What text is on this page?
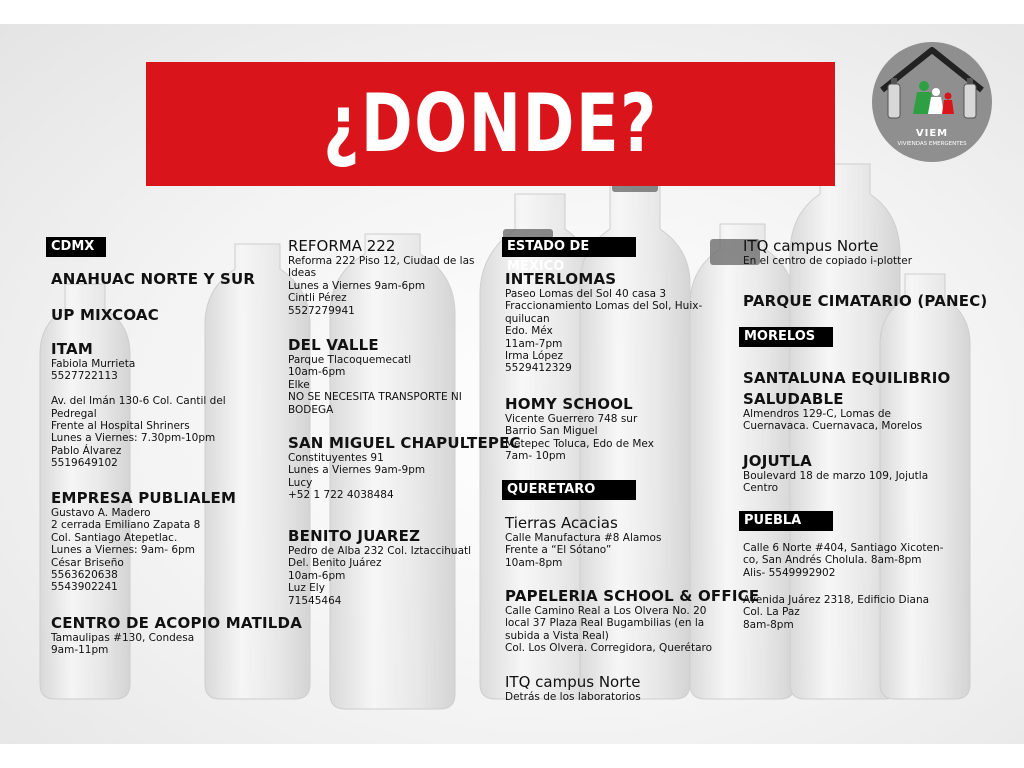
¿DONDE?	VIEM
VIVIENDAS EMERGENTES
CDMX
ANAHUAC NORTE Y SUR
UP MIXCOAC
ITAM
Fabiola Murrieta
5527722113

Av. del Imán 130-6 Col. Cantil del
Pedregal
Frente al Hospital Shriners
Lunes a Viernes: 7.30pm-10pm
Pablo Álvarez
5519649102
EMPRESA PUBLIALEM
Gustavo A. Madero
2 cerrada Emiliano Zapata 8
Col. Santiago Atepetlac.
Lunes a Viernes: 9am- 6pm
César Briseño
5563620638
5543902241
CENTRO DE ACOPIO MATILDA
Tamaulipas #130, Condesa
9am-11pm
REFORMA 222
Reforma 222 Piso 12, Ciudad de las
Ideas
Lunes a Viernes 9am-6pm
Cintli Pérez
5527279941
DEL VALLE
Parque Tlacoquemecatl
10am-6pm
Elke
NO SE NECESITA TRANSPORTE NI
BODEGA
SAN MIGUEL CHAPULTEPEC
Constituyentes 91
Lunes a Viernes 9am-9pm
Lucy
+52 1 722 4038484
BENITO JUAREZ
Pedro de Alba 232 Col. Iztaccihuatl
Del. Benito Juárez
10am-6pm
Luz Ely
71545464
ESTADO DE MEXICO
INTERLOMAS
Paseo Lomas del Sol 40 casa 3
Fraccionamiento Lomas del Sol, Huix-
quilucan
Edo. Méx
11am-7pm
Irma López
5529412329
HOMY SCHOOL
Vicente Guerrero 748 sur
Barrio San Miguel
Metepec Toluca, Edo de Mex
7am- 10pm
QUERETARO
Tierras Acacias
Calle Manufactura #8 Alamos
Frente a “El Sótano”
10am-8pm
PAPELERIA SCHOOL & OFFICE
Calle Camino Real a Los Olvera No. 20
local 37 Plaza Real Bugambilias (en la
subida a Vista Real)
Col. Los Olvera. Corregidora, Querétaro
ITQ campus Norte
Detrás de los laboratorios
ITQ campus Norte
En el centro de copiado i-plotter
PARQUE CIMATARIO (PANEC)
MORELOS
SANTALUNA EQUILIBRIO
SALUDABLE
Almendros 129-C, Lomas de
Cuernavaca. Cuernavaca, Morelos
JOJUTLA
Boulevard 18 de marzo 109, Jojutla
Centro
PUEBLA
Calle 6 Norte #404, Santiago Xicoten-
co, San Andrés Cholula. 8am-8pm
Alis- 5549992902
Avenida Juárez 2318, Edificio Diana
Col. La Paz
8am-8pm
